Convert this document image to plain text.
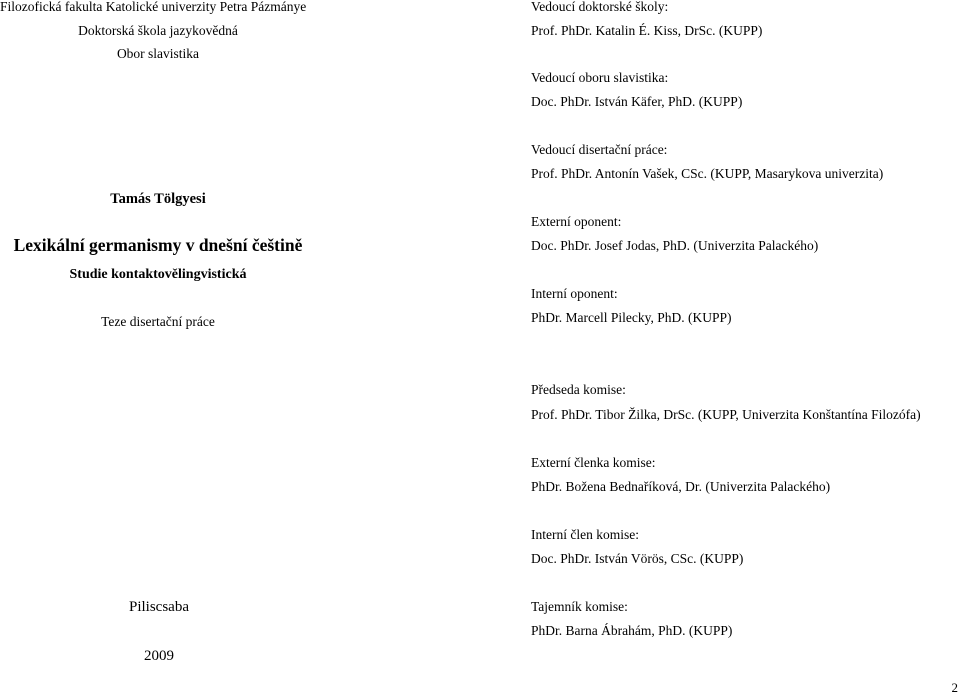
Filozofická fakulta Katolické univerzity Petra Pázmánye
Doktorská škola jazykovědná
Obor slavistika
Tamás Tölgyesi
Lexikální germanismy v dnešní češtině
Studie kontaktovělingvistická
Teze disertační práce
Piliscsaba
2009
Vedoucí doktorské školy:
Prof. PhDr. Katalin É. Kiss, DrSc. (KUPP)
Vedoucí oboru slavistika:
Doc. PhDr. István Käfer, PhD. (KUPP)
Vedoucí disertační práce:
Prof. PhDr. Antonín Vašek, CSc. (KUPP, Masarykova univerzita)
Externí oponent:
Doc. PhDr. Josef Jodas, PhD. (Univerzita Palackého)
Interní oponent:
PhDr. Marcell Pilecky, PhD. (KUPP)
Předseda komise:
Prof. PhDr. Tibor Žilka, DrSc. (KUPP, Univerzita Konštantína Filozófa)
Externí členka komise:
PhDr. Božena Bednaříková, Dr. (Univerzita Palackého)
Interní člen komise:
Doc. PhDr. István Vörös, CSc. (KUPP)
Tajemník komise:
PhDr. Barna Ábrahám, PhD. (KUPP)
2
